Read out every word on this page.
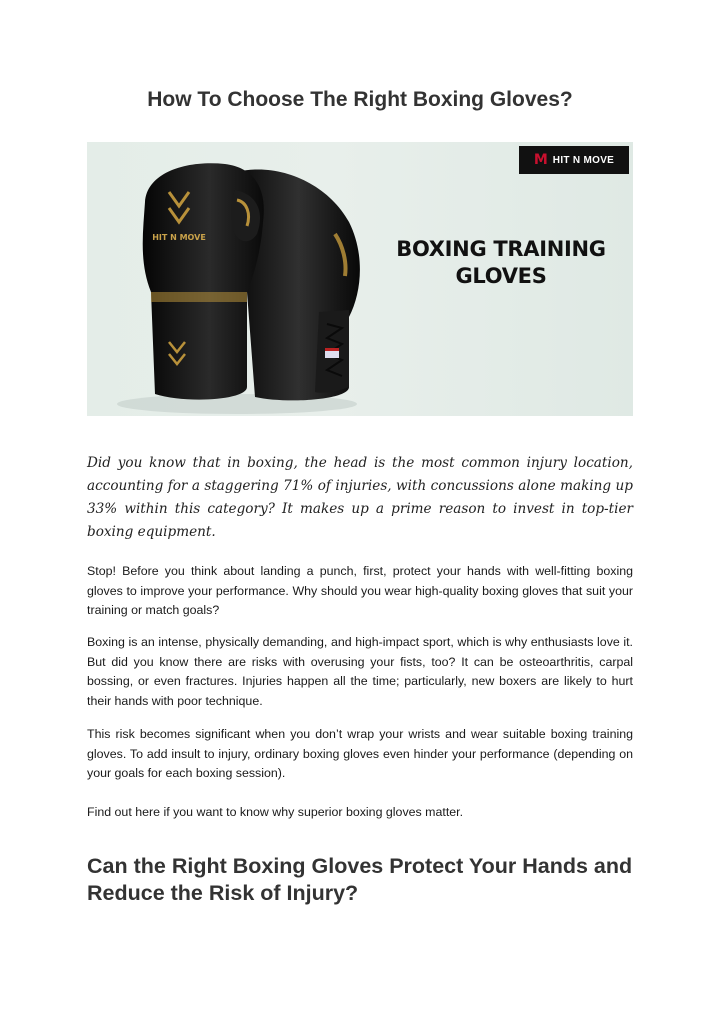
How To Choose The Right Boxing Gloves?
HIT N MOVE
M HIT N MOVE
BOXING TRAINING
GLOVES

Did you know that in boxing, the head is the most common injury location, accounting for a staggering 71% of injuries, with concussions alone making up 33% within this category? It makes up a prime reason to invest in top-tier boxing equipment.

Stop! Before you think about landing a punch, first, protect your hands with well-fitting boxing gloves to improve your performance. Why should you wear high-quality boxing gloves that suit your training or match goals?

Boxing is an intense, physically demanding, and high-impact sport, which is why enthusiasts love it. But did you know there are risks with overusing your fists, too? It can be osteoarthritis, carpal bossing, or even fractures. Injuries happen all the time; particularly, new boxers are likely to hurt their hands with poor technique.

This risk becomes significant when you don’t wrap your wrists and wear suitable boxing training gloves. To add insult to injury, ordinary boxing gloves even hinder your performance (depending on your goals for each boxing session).

Find out here if you want to know why superior boxing gloves matter.

Can the Right Boxing Gloves Protect Your Hands and Reduce the Risk of Injury?
